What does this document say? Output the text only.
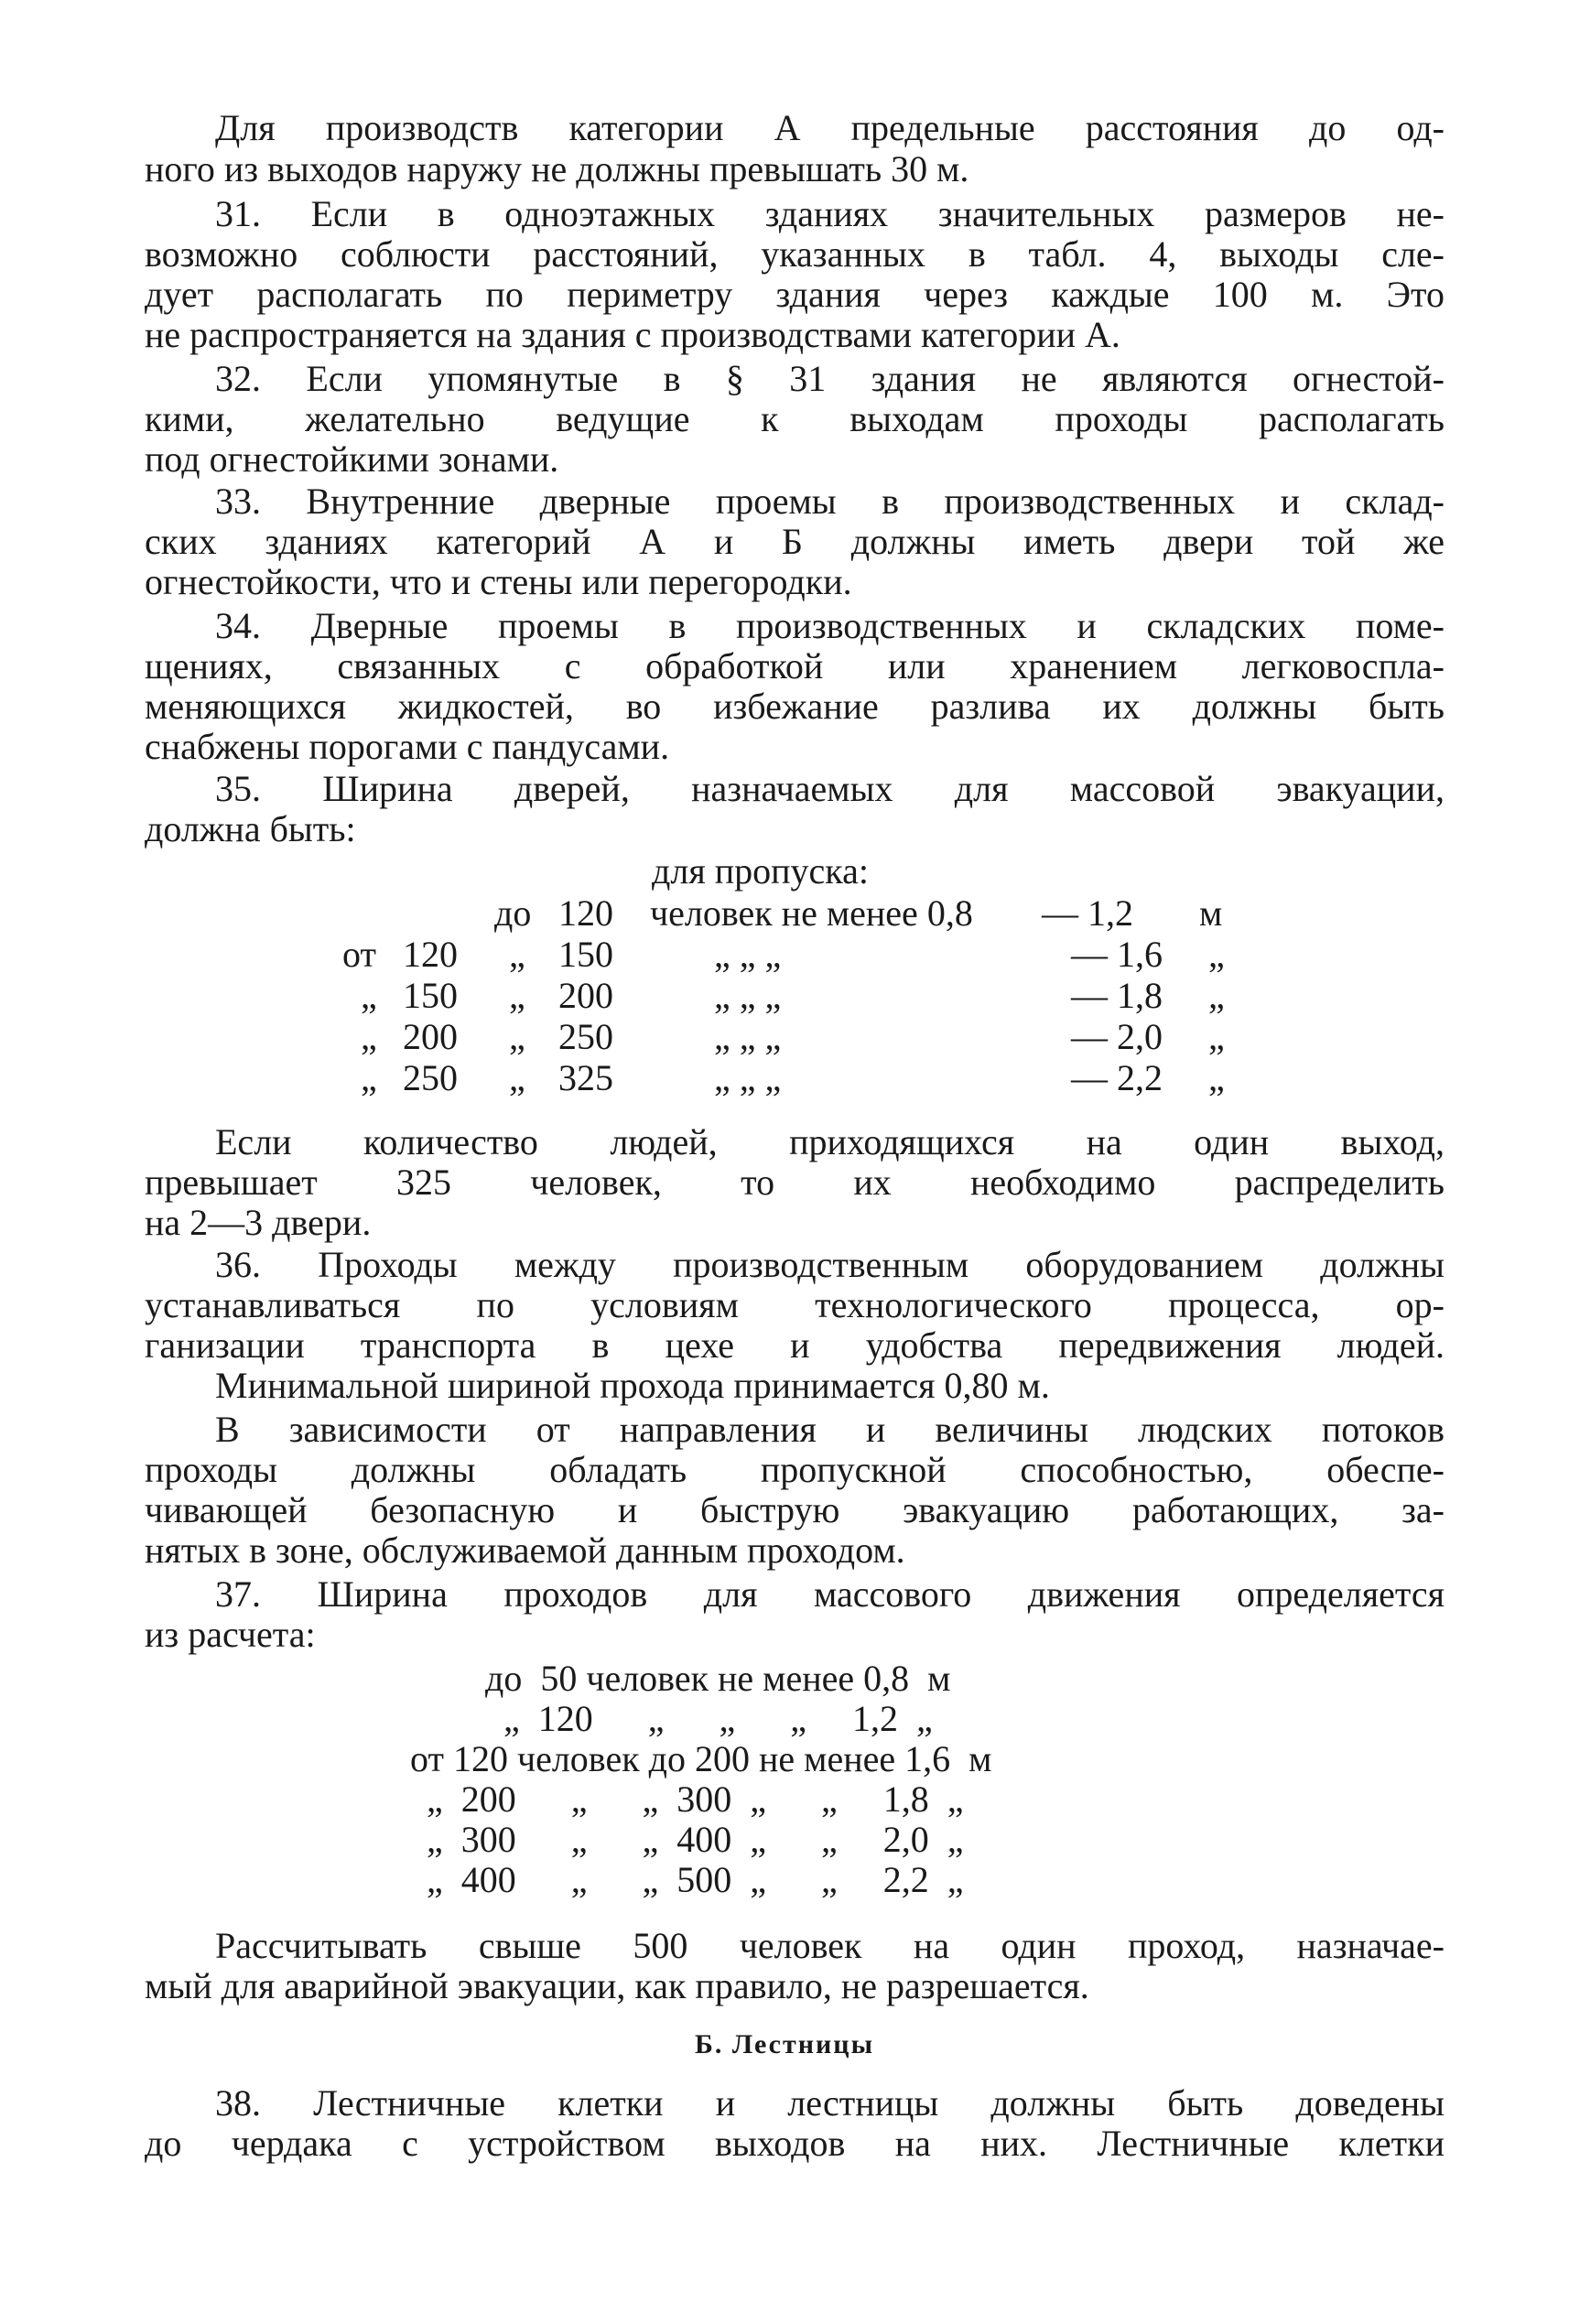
Для производств категории А предельные расстояния до од-
ного из выходов наружу не должны превышать 30 м.
31. Если в одноэтажных зданиях значительных размеров не-
возможно соблюсти расстояний, указанных в табл. 4, выходы сле-
дует располагать по периметру здания через каждые 100 м. Это
не распространяется на здания с производствами категории А.
32. Если упомянутые в § 31 здания не являются огнестой-
кими, желательно ведущие к выходам проходы располагать
под огнестойкими зонами.
33. Внутренние дверные проемы в производственных и склад-
ских зданиях категорий А и Б должны иметь двери той же
огнестойкости, что и стены или перегородки.
34. Дверные проемы в производственных и складских поме-
щениях, связанных с обработкой или хранением легковоспла-
меняющихся жидкостей, во избежание разлива их должны быть
снабжены порогами с пандусами.
35. Ширина дверей, назначаемых для массовой эвакуации,
должна быть:
для пропуска:
до 120 человек не менее 0,8 — 1,2 м
от 120 „ 150	„ „ „	— 1,6 „
„ 150 „ 200	„ „ „	— 1,8 „
„ 200 „ 250	„ „ „	— 2,0 „
„ 250 „ 325	„ „ „	— 2,2 „
Если количество людей, приходящихся на один выход,
превышает 325 человек, то их необходимо распределить
на 2—3 двери.
36. Проходы между производственным оборудованием должны
устанавливаться по условиям технологического процесса, ор-
ганизации транспорта в цехе и удобства передвижения людей.
Минимальной шириной прохода принимается 0,80 м.
В зависимости от направления и величины людских потоков
проходы должны обладать пропускной способностью, обеспе-
чивающей безопасную и быструю эвакуацию работающих, за-
нятых в зоне, обслуживаемой данным проходом.
37. Ширина проходов для массового движения определяется
из расчета:
до  50 человек не менее 0,8  м
„  120      „      „      „     1,2  „
от 120 человек до 200 не менее 1,6  м
„  200      „      „  300  „      „     1,8  „
„  300      „      „  400  „      „     2,0  „
„  400      „      „  500  „      „     2,2  „
Рассчитывать свыше 500 человек на один проход, назначае-
мый для аварийной эвакуации, как правило, не разрешается.
Б. Лестницы
38. Лестничные клетки и лестницы должны быть доведены
до чердака с устройством выходов на них. Лестничные клетки
